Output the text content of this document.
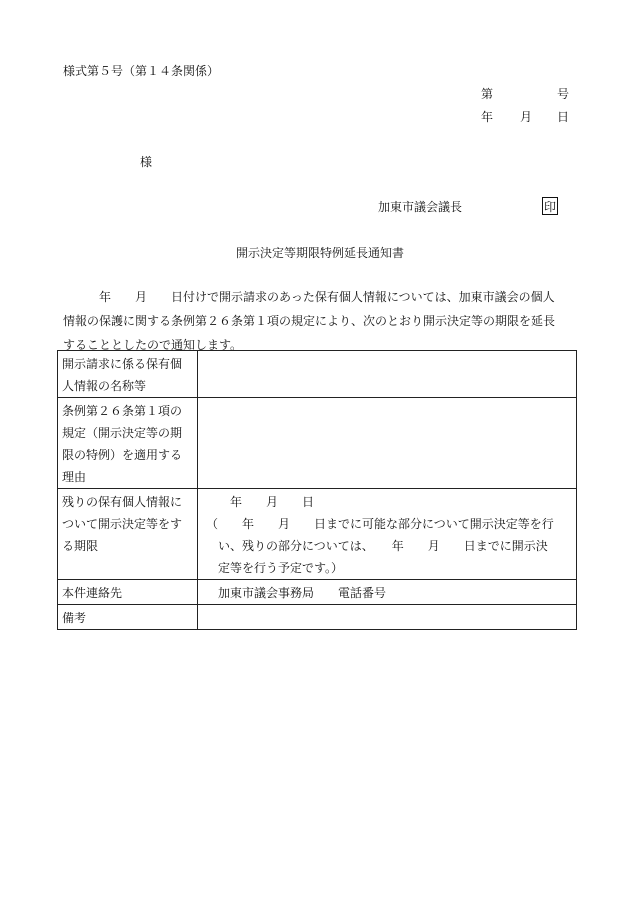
様式第５号（第１４条関係）
第	号
年 月 日
様
加東市議会議長	印
開示決定等期限特例延長通知書
　　　年　　月　　日付けで開示請求のあった保有個人情報については、加東市議会の個人
情報の保護に関する条例第２６条第１項の規定により、次のとおり開示決定等の期限を延長
することとしたので通知します。
開示請求に係る保有個人情報の名称等	
条例第２６条第１項の規定（開示決定等の期限の特例）を適用する理由	
残りの保有個人情報について開示決定等をする期限	　　年　　月　　日
（　　年　　月　　日までに可能な部分について開示決定等を行
　い、残りの部分については、　　年　　月　　日までに開示決
　定等を行う予定です。）

本件連絡先	　加東市議会事務局　　電話番号
備考	
